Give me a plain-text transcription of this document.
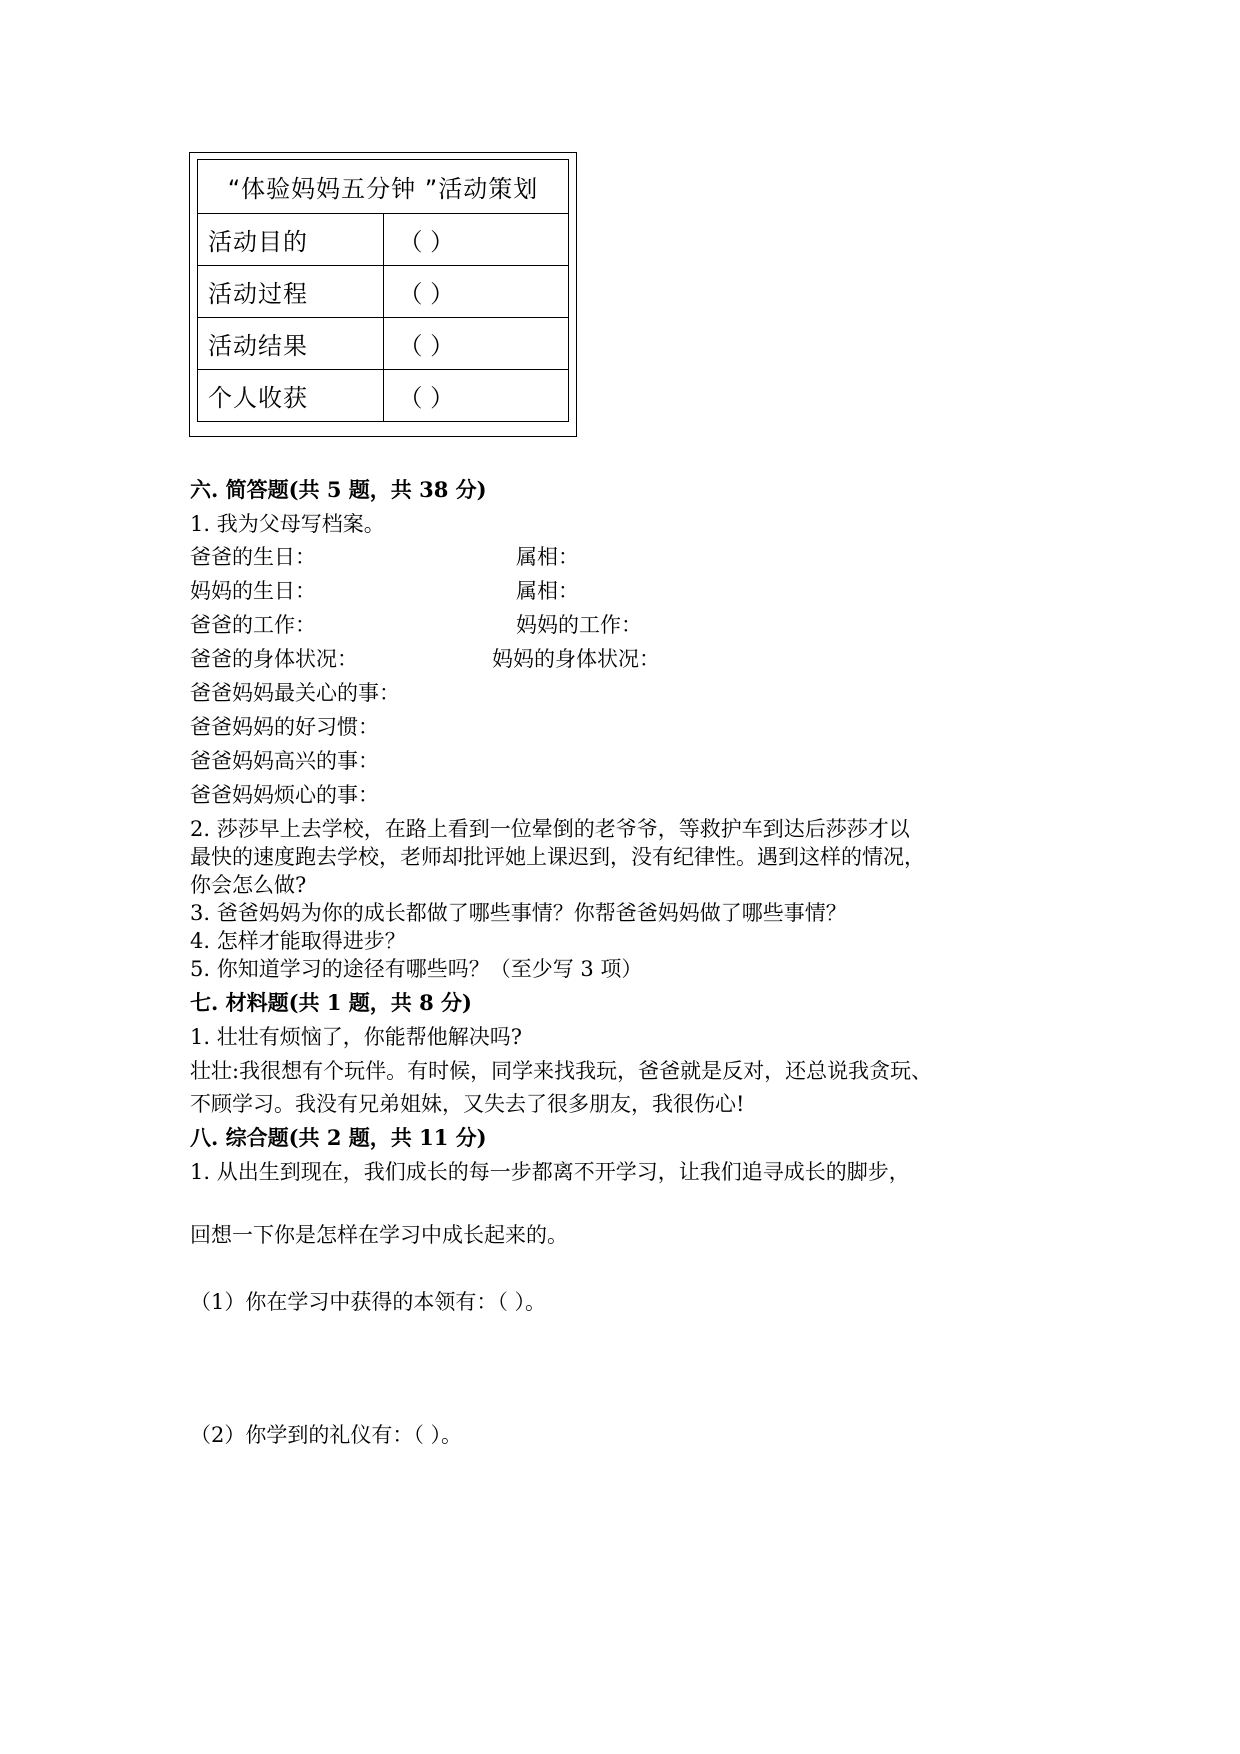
“体验妈妈五分钟 ”活动策划	
活动目的	（ ）
活动过程	（ ）
活动结果	（ ）
个人收获	（ ）
六. 简答题(共 5 题，共 38 分)
1. 我为父母写档案。
爸爸的生日：	属相：
妈妈的生日：	属相：
爸爸的工作：	妈妈的工作：
爸爸的身体状况：	妈妈的身体状况：
爸爸妈妈最关心的事：
爸爸妈妈的好习惯：
爸爸妈妈高兴的事：
爸爸妈妈烦心的事：
2. 莎莎早上去学校，在路上看到一位晕倒的老爷爷，等救护车到达后莎莎才以
最快的速度跑去学校，老师却批评她上课迟到，没有纪律性。遇到这样的情况，
你会怎么做?
3. 爸爸妈妈为你的成长都做了哪些事情？你帮爸爸妈妈做了哪些事情？
4. 怎样才能取得进步？
5. 你知道学习的途径有哪些吗？（至少写 3 项）
七. 材料题(共 1 题，共 8 分)
1. 壮壮有烦恼了，你能帮他解决吗?
壮壮:我很想有个玩伴。有时候，同学来找我玩，爸爸就是反对，还总说我贪玩、
不顾学习。我没有兄弟姐妹，又失去了很多朋友，我很伤心!
八. 综合题(共 2 题，共 11 分)
1. 从出生到现在，我们成长的每一步都离不开学习，让我们追寻成长的脚步，
回想一下你是怎样在学习中成长起来的。
（1）你在学习中获得的本领有：（ ）。
（2）你学到的礼仪有：（ ）。
